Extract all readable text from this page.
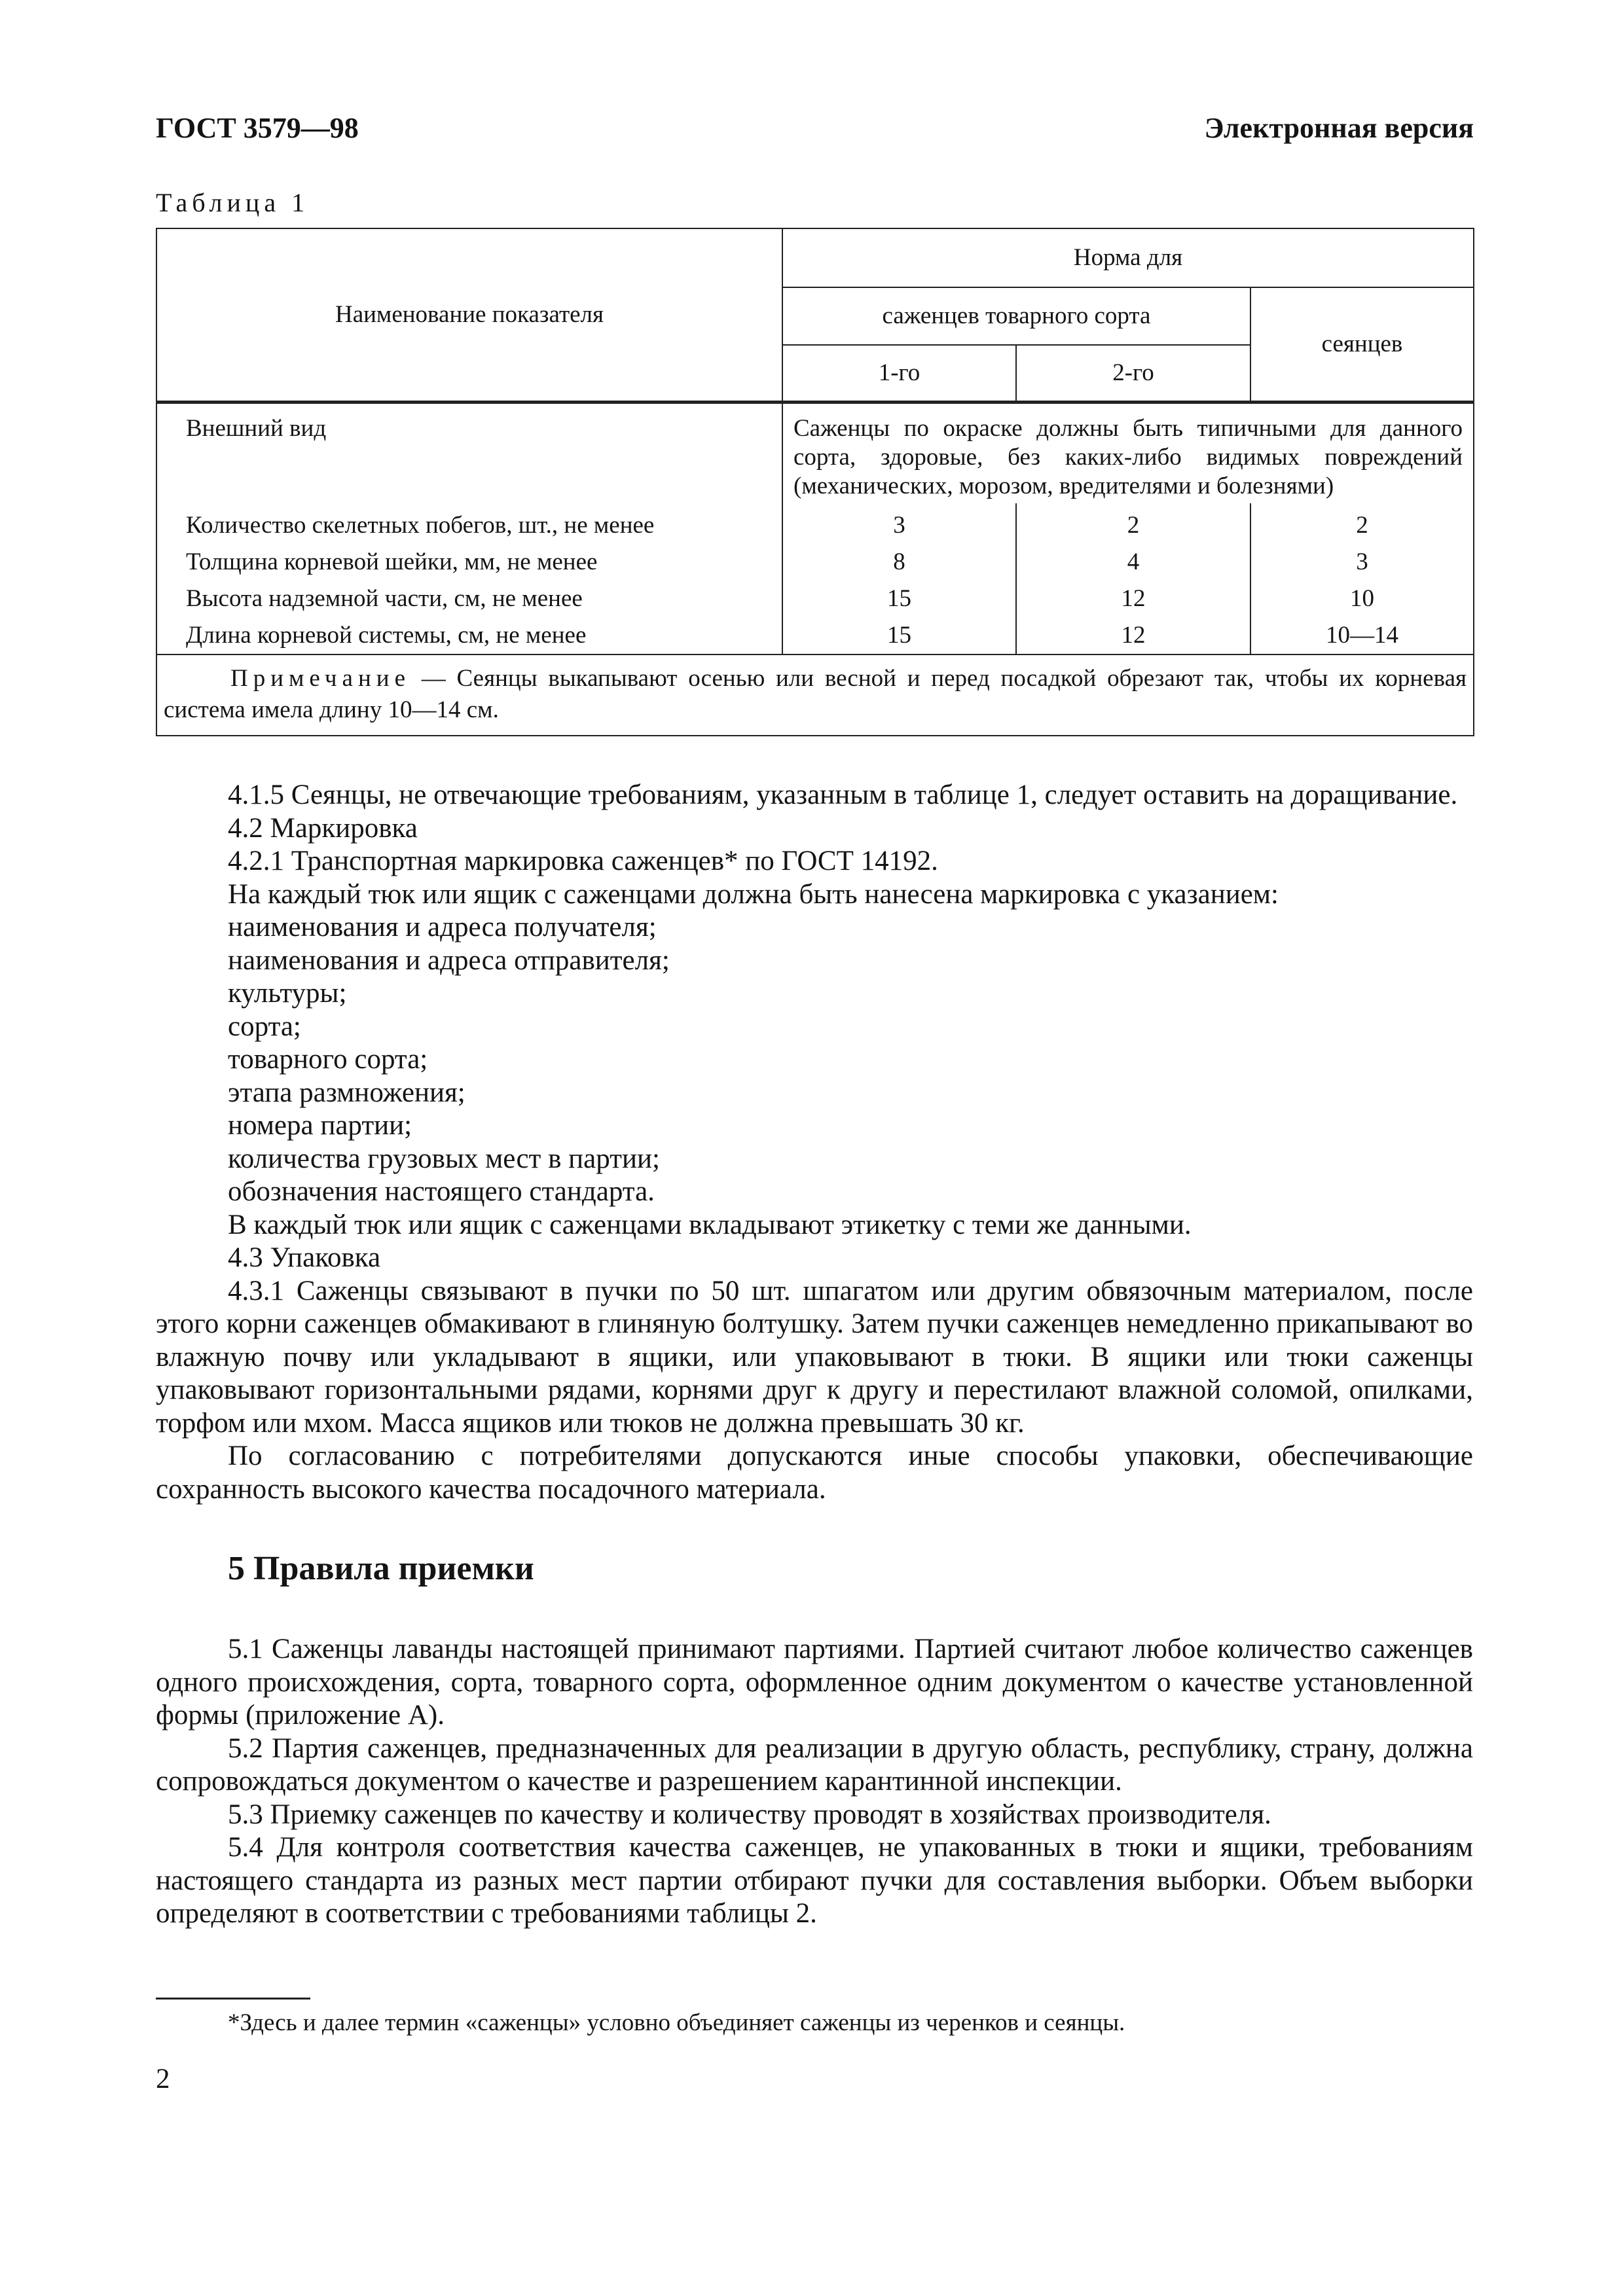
ГОСТ 3579—98	Электронная версия
Таблица 1
Наименование показателя	Норма для		
	саженцев товарного сорта		сеянцев
	1-го	2-го	
Внешний вид	Саженцы по окраске должны быть типичными для данного сорта, здоровые, без каких-либо видимых повреждений (механических, морозом, вредителями и болезнями)		
Количество скелетных побегов, шт., не менее	3	2	2
Толщина корневой шейки, мм, не менее	8	4	3
Высота надземной части, см, не менее	15	12	10
Длина корневой системы, см, не менее	15	12	10—14
Примечание — Сеянцы выкапывают осенью или весной и перед посадкой обрезают так, чтобы их корневая система имела длину 10—14 см.			

4.1.5 Сеянцы, не отвечающие требованиям, указанным в таблице 1, следует оставить на доращивание.

4.2 Маркировка

4.2.1 Транспортная маркировка саженцев* по ГОСТ 14192.

На каждый тюк или ящик с саженцами должна быть нанесена маркировка с указанием:

наименования и адреса получателя;

наименования и адреса отправителя;

культуры;

сорта;

товарного сорта;

этапа размножения;

номера партии;

количества грузовых мест в партии;

обозначения настоящего стандарта.

В каждый тюк или ящик с саженцами вкладывают этикетку с теми же данными.

4.3 Упаковка

4.3.1 Саженцы связывают в пучки по 50 шт. шпагатом или другим обвязочным материалом, после этого корни саженцев обмакивают в глиняную болтушку. Затем пучки саженцев немедленно прикапывают во влажную почву или укладывают в ящики, или упаковывают в тюки. В ящики или тюки саженцы упаковывают горизонтальными рядами, корнями друг к другу и перестилают влажной соломой, опилками, торфом или мхом. Масса ящиков или тюков не должна превышать 30 кг.

По согласованию с потребителями допускаются иные способы упаковки, обеспечивающие сохранность высокого качества посадочного материала.

5 Правила приемки

5.1 Саженцы лаванды настоящей принимают партиями. Партией считают любое количество саженцев одного происхождения, сорта, товарного сорта, оформленное одним документом о качестве установленной формы (приложение А).

5.2 Партия саженцев, предназначенных для реализации в другую область, республику, страну, должна сопровождаться документом о качестве и разрешением карантинной инспекции.

5.3 Приемку саженцев по качеству и количеству проводят в хозяйствах производителя.

5.4 Для контроля соответствия качества саженцев, не упакованных в тюки и ящики, требованиям настоящего стандарта из разных мест партии отбирают пучки для составления выборки. Объем выборки определяют в соответствии с требованиями таблицы 2.

*Здесь и далее термин «саженцы» условно объединяет саженцы из черенков и сеянцы.
2
